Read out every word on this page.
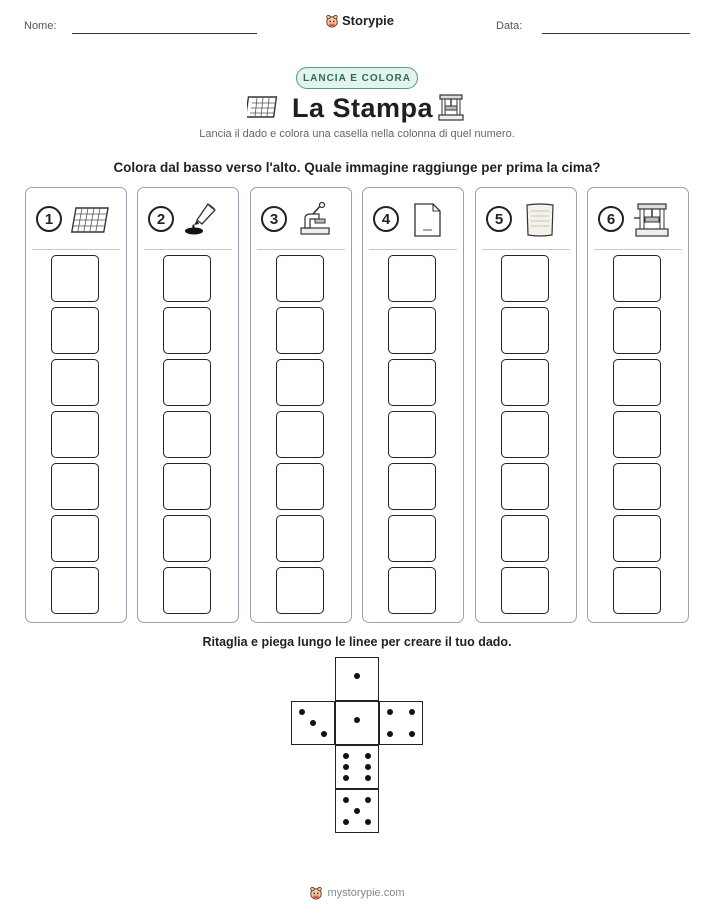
Nome:	Storypie	Data:
LANCIA E COLORA
La Stampa
Lancia il dado e colora una casella nella colonna di quel numero.
Colora dal basso verso l'alto. Quale immagine raggiunge per prima la cima?
1	2	3	4	5	6
Ritaglia e piega lungo le linee per creare il tuo dado.
mystorypie.com
